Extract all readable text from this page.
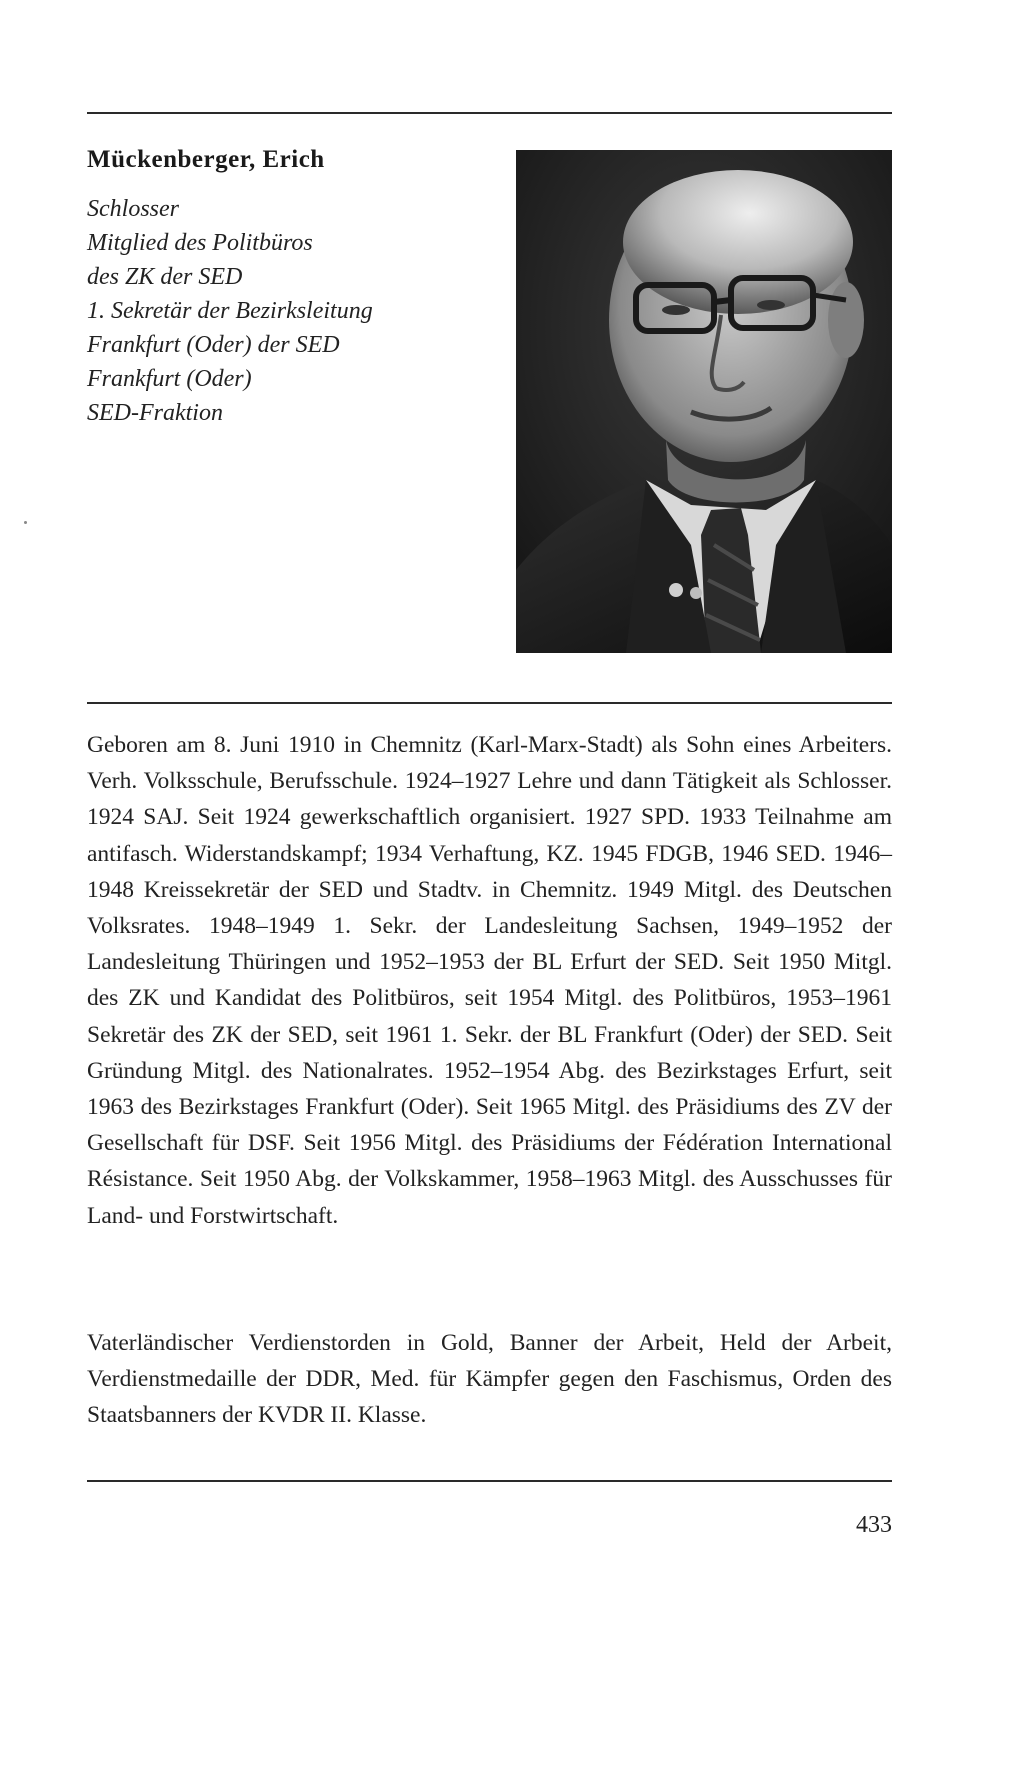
Mückenberger, Erich
Schlosser
Mitglied des Politbüros
des ZK der SED
1. Sekretär der Bezirksleitung
Frankfurt (Oder) der SED
Frankfurt (Oder)
SED-Fraktion

Geboren am 8. Juni 1910 in Chemnitz (Karl-Marx-Stadt) als Sohn eines Arbeiters. Verh. Volksschule, Berufsschule. 1924–1927 Lehre und dann Tätigkeit als Schlosser. 1924 SAJ. Seit 1924 gewerkschaftlich organisiert. 1927 SPD. 1933 Teilnahme am antifasch. Widerstandskampf; 1934 Verhaftung, KZ. 1945 FDGB, 1946 SED. 1946–1948 Kreissekretär der SED und Stadtv. in Chemnitz. 1949 Mitgl. des Deutschen Volksrates. 1948–1949 1. Sekr. der Landesleitung Sachsen, 1949–1952 der Landesleitung Thüringen und 1952–1953 der BL Erfurt der SED. Seit 1950 Mitgl. des ZK und Kandidat des Politbüros, seit 1954 Mitgl. des Politbüros, 1953–1961 Sekretär des ZK der SED, seit 1961 1. Sekr. der BL Frankfurt (Oder) der SED. Seit Gründung Mitgl. des Nationalrates. 1952–1954 Abg. des Bezirkstages Erfurt, seit 1963 des Bezirkstages Frankfurt (Oder). Seit 1965 Mitgl. des Präsidiums des ZV der Gesellschaft für DSF. Seit 1956 Mitgl. des Präsidiums der Fédération International Résistance. Seit 1950 Abg. der Volkskammer, 1958–1963 Mitgl. des Ausschusses für Land- und Forstwirtschaft.

Vaterländischer Verdienstorden in Gold, Banner der Arbeit, Held der Arbeit, Verdienstmedaille der DDR, Med. für Kämpfer gegen den Faschismus, Orden des Staatsbanners der KVDR II. Klasse.

433
